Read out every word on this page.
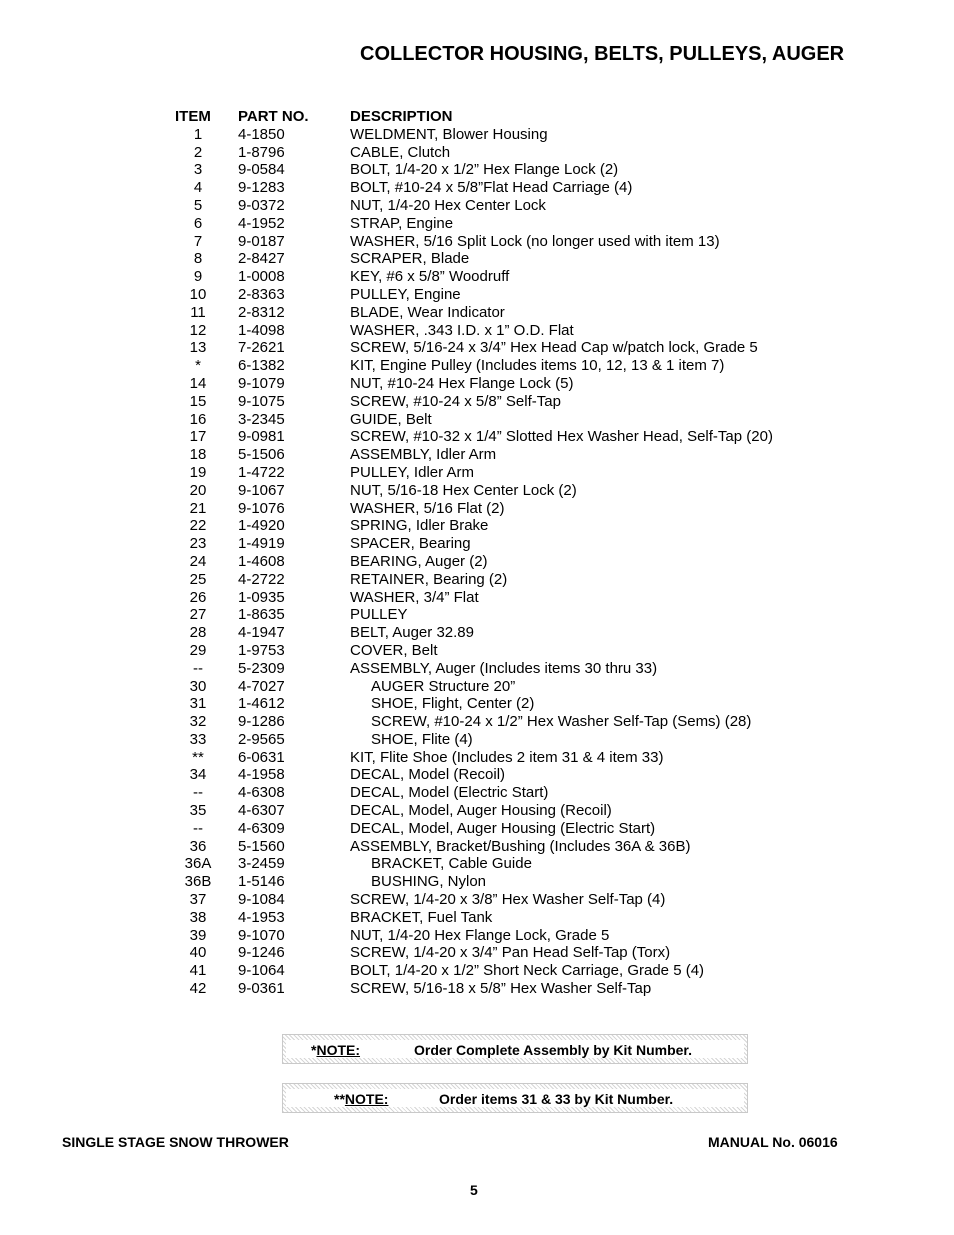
COLLECTOR HOUSING, BELTS, PULLEYS, AUGER
ITEM PART NO.	DESCRIPTION
1	4-1850	WELDMENT, Blower Housing
2	1-8796	CABLE, Clutch
3	9-0584	BOLT, 1/4-20 x 1/2” Hex Flange Lock (2)
4	9-1283	BOLT, #10-24 x 5/8”Flat Head Carriage (4)
5	9-0372	NUT, 1/4-20 Hex Center Lock
6	4-1952	STRAP, Engine
7	9-0187	WASHER, 5/16 Split Lock (no longer used with item 13)
8	2-8427	SCRAPER, Blade
9	1-0008	KEY, #6 x 5/8” Woodruff
10	2-8363	PULLEY, Engine
11	2-8312	BLADE, Wear Indicator
12	1-4098	WASHER, .343 I.D. x 1” O.D. Flat
13	7-2621	SCREW, 5/16-24 x 3/4” Hex Head Cap w/patch lock, Grade 5
*	6-1382	KIT, Engine Pulley (Includes items 10, 12, 13 & 1 item 7)
14	9-1079	NUT, #10-24 Hex Flange Lock (5)
15	9-1075	SCREW, #10-24 x 5/8” Self-Tap
16	3-2345	GUIDE, Belt
17	9-0981	SCREW, #10-32 x 1/4” Slotted Hex Washer Head, Self-Tap (20)
18	5-1506	ASSEMBLY, Idler Arm
19	1-4722	PULLEY, Idler Arm
20	9-1067	NUT, 5/16-18 Hex Center Lock (2)
21	9-1076	WASHER, 5/16 Flat (2)
22	1-4920	SPRING, Idler Brake
23	1-4919	SPACER, Bearing
24	1-4608	BEARING, Auger (2)
25	4-2722	RETAINER, Bearing (2)
26	1-0935	WASHER, 3/4” Flat
27	1-8635	PULLEY
28	4-1947	BELT, Auger 32.89
29	1-9753	COVER, Belt
--	5-2309	ASSEMBLY, Auger (Includes items 30 thru 33)
30	4-7027	AUGER Structure 20”
31	1-4612	SHOE, Flight, Center (2)
32	9-1286	SCREW, #10-24 x 1/2” Hex Washer Self-Tap (Sems) (28)
33	2-9565	SHOE, Flite (4)
**	6-0631	KIT, Flite Shoe (Includes 2 item 31 & 4 item 33)
34	4-1958	DECAL, Model (Recoil)
--	4-6308	DECAL, Model (Electric Start)
35	4-6307	DECAL, Model, Auger Housing (Recoil)
--	4-6309	DECAL, Model, Auger Housing (Electric Start)
36	5-1560	ASSEMBLY, Bracket/Bushing (Includes 36A & 36B)
36A	3-2459	BRACKET, Cable Guide
36B	1-5146	BUSHING, Nylon
37	9-1084	SCREW, 1/4-20 x 3/8” Hex Washer Self-Tap (4)
38	4-1953	BRACKET, Fuel Tank
39	9-1070	NUT, 1/4-20 Hex Flange Lock, Grade 5
40	9-1246	SCREW, 1/4-20 x 3/4” Pan Head Self-Tap (Torx)
41	9-1064	BOLT, 1/4-20 x 1/2” Short Neck Carriage, Grade 5 (4)
42	9-0361	SCREW, 5/16-18 x 5/8” Hex Washer Self-Tap
*NOTE:	Order Complete Assembly by Kit Number.
**NOTE:	Order items 31 & 33 by Kit Number.
SINGLE STAGE SNOW THROWER	MANUAL No. 06016
5
